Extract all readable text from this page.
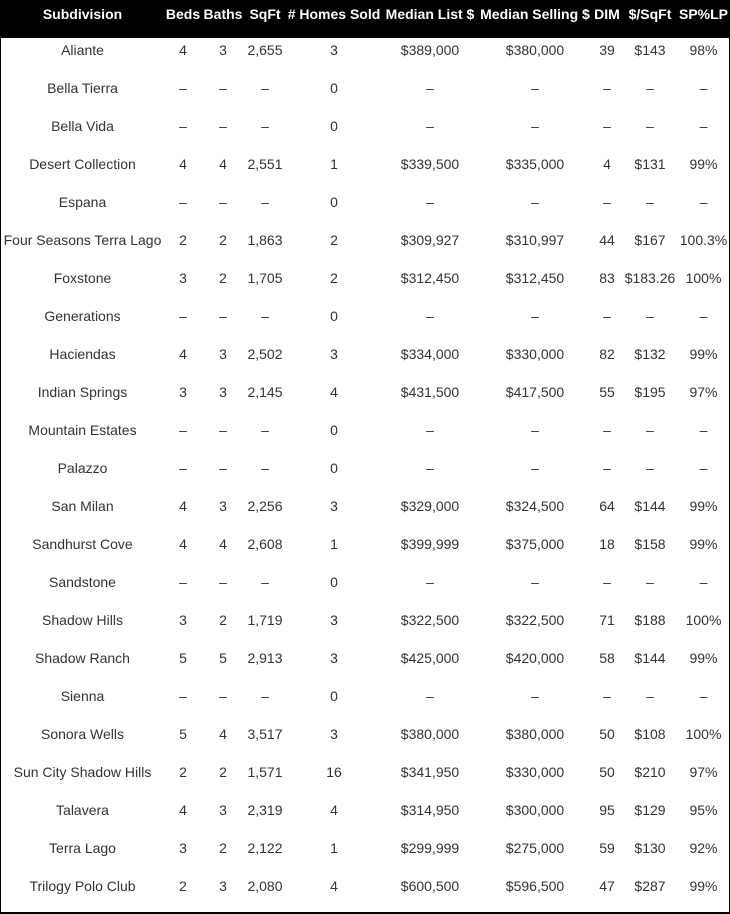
Subdivision	Beds	Baths	SqFt	# Homes Sold	Median List $	Median Selling $	DIM	$/SqFt	SP%LP
Aliante	4	3	2,655	3	$389,000	$380,000	39	$143	98%
Bella Tierra	–	–	–	0	–	–	–	–	–
Bella Vida	–	–	–	0	–	–	–	–	–
Desert Collection	4	4	2,551	1	$339,500	$335,000	4	$131	99%
Espana	–	–	–	0	–	–	–	–	–
Four Seasons Terra Lago	2	2	1,863	2	$309,927	$310,997	44	$167	100.3%
Foxstone	3	2	1,705	2	$312,450	$312,450	83	$183.26	100%
Generations	–	–	–	0	–	–	–	–	–
Haciendas	4	3	2,502	3	$334,000	$330,000	82	$132	99%
Indian Springs	3	3	2,145	4	$431,500	$417,500	55	$195	97%
Mountain Estates	–	–	–	0	–	–	–	–	–
Palazzo	–	–	–	0	–	–	–	–	–
San Milan	4	3	2,256	3	$329,000	$324,500	64	$144	99%
Sandhurst Cove	4	4	2,608	1	$399,999	$375,000	18	$158	99%
Sandstone	–	–	–	0	–	–	–	–	–
Shadow Hills	3	2	1,719	3	$322,500	$322,500	71	$188	100%
Shadow Ranch	5	5	2,913	3	$425,000	$420,000	58	$144	99%
Sienna	–	–	–	0	–	–	–	–	–
Sonora Wells	5	4	3,517	3	$380,000	$380,000	50	$108	100%
Sun City Shadow Hills	2	2	1,571	16	$341,950	$330,000	50	$210	97%
Talavera	4	3	2,319	4	$314,950	$300,000	95	$129	95%
Terra Lago	3	2	2,122	1	$299,999	$275,000	59	$130	92%
Trilogy Polo Club	2	3	2,080	4	$600,500	$596,500	47	$287	99%
